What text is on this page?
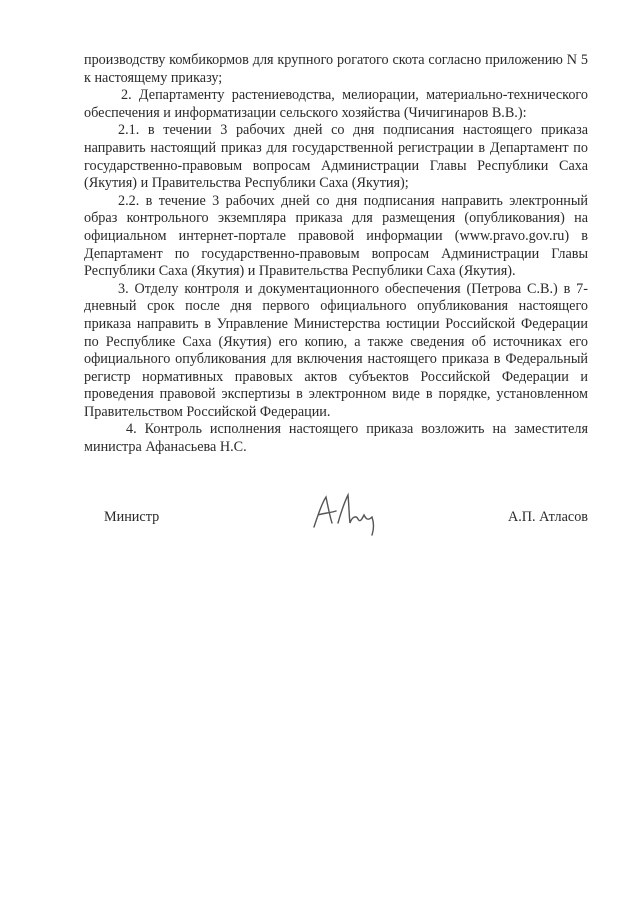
производству комбикормов для крупного рогатого скота согласно приложению N 5 к настоящему приказу;

2. Департаменту растениеводства, мелиорации, материально-технического обеспечения и информатизации сельского хозяйства (Чичигинаров В.В.):

2.1. в течении 3 рабочих дней со дня подписания настоящего приказа направить настоящий приказ для государственной регистрации в Департамент по государственно-правовым вопросам Администрации Главы Республики Саха (Якутия) и Правительства Республики Саха (Якутия);

2.2. в течение 3 рабочих дней со дня подписания направить электронный образ контрольного экземпляра приказа для размещения (опубликования) на официальном интернет-портале правовой информации (www.pravo.gov.ru) в Департамент по государственно-правовым вопросам Администрации Главы Республики Саха (Якутия) и Правительства Республики Саха (Якутия).

3. Отделу контроля и документационного обеспечения (Петрова С.В.) в 7-дневный срок после дня первого официального опубликования настоящего приказа направить в Управление Министерства юстиции Российской Федерации по Республике Саха (Якутия) его копию, а также сведения об источниках его официального опубликования для включения настоящего приказа в Федеральный регистр нормативных правовых актов субъектов Российской Федерации и проведения правовой экспертизы в электронном виде в порядке, установленном Правительством Российской Федерации.

4. Контроль исполнения настоящего приказа возложить на заместителя министра Афанасьева Н.С.

Министр	А.П. Атласов
